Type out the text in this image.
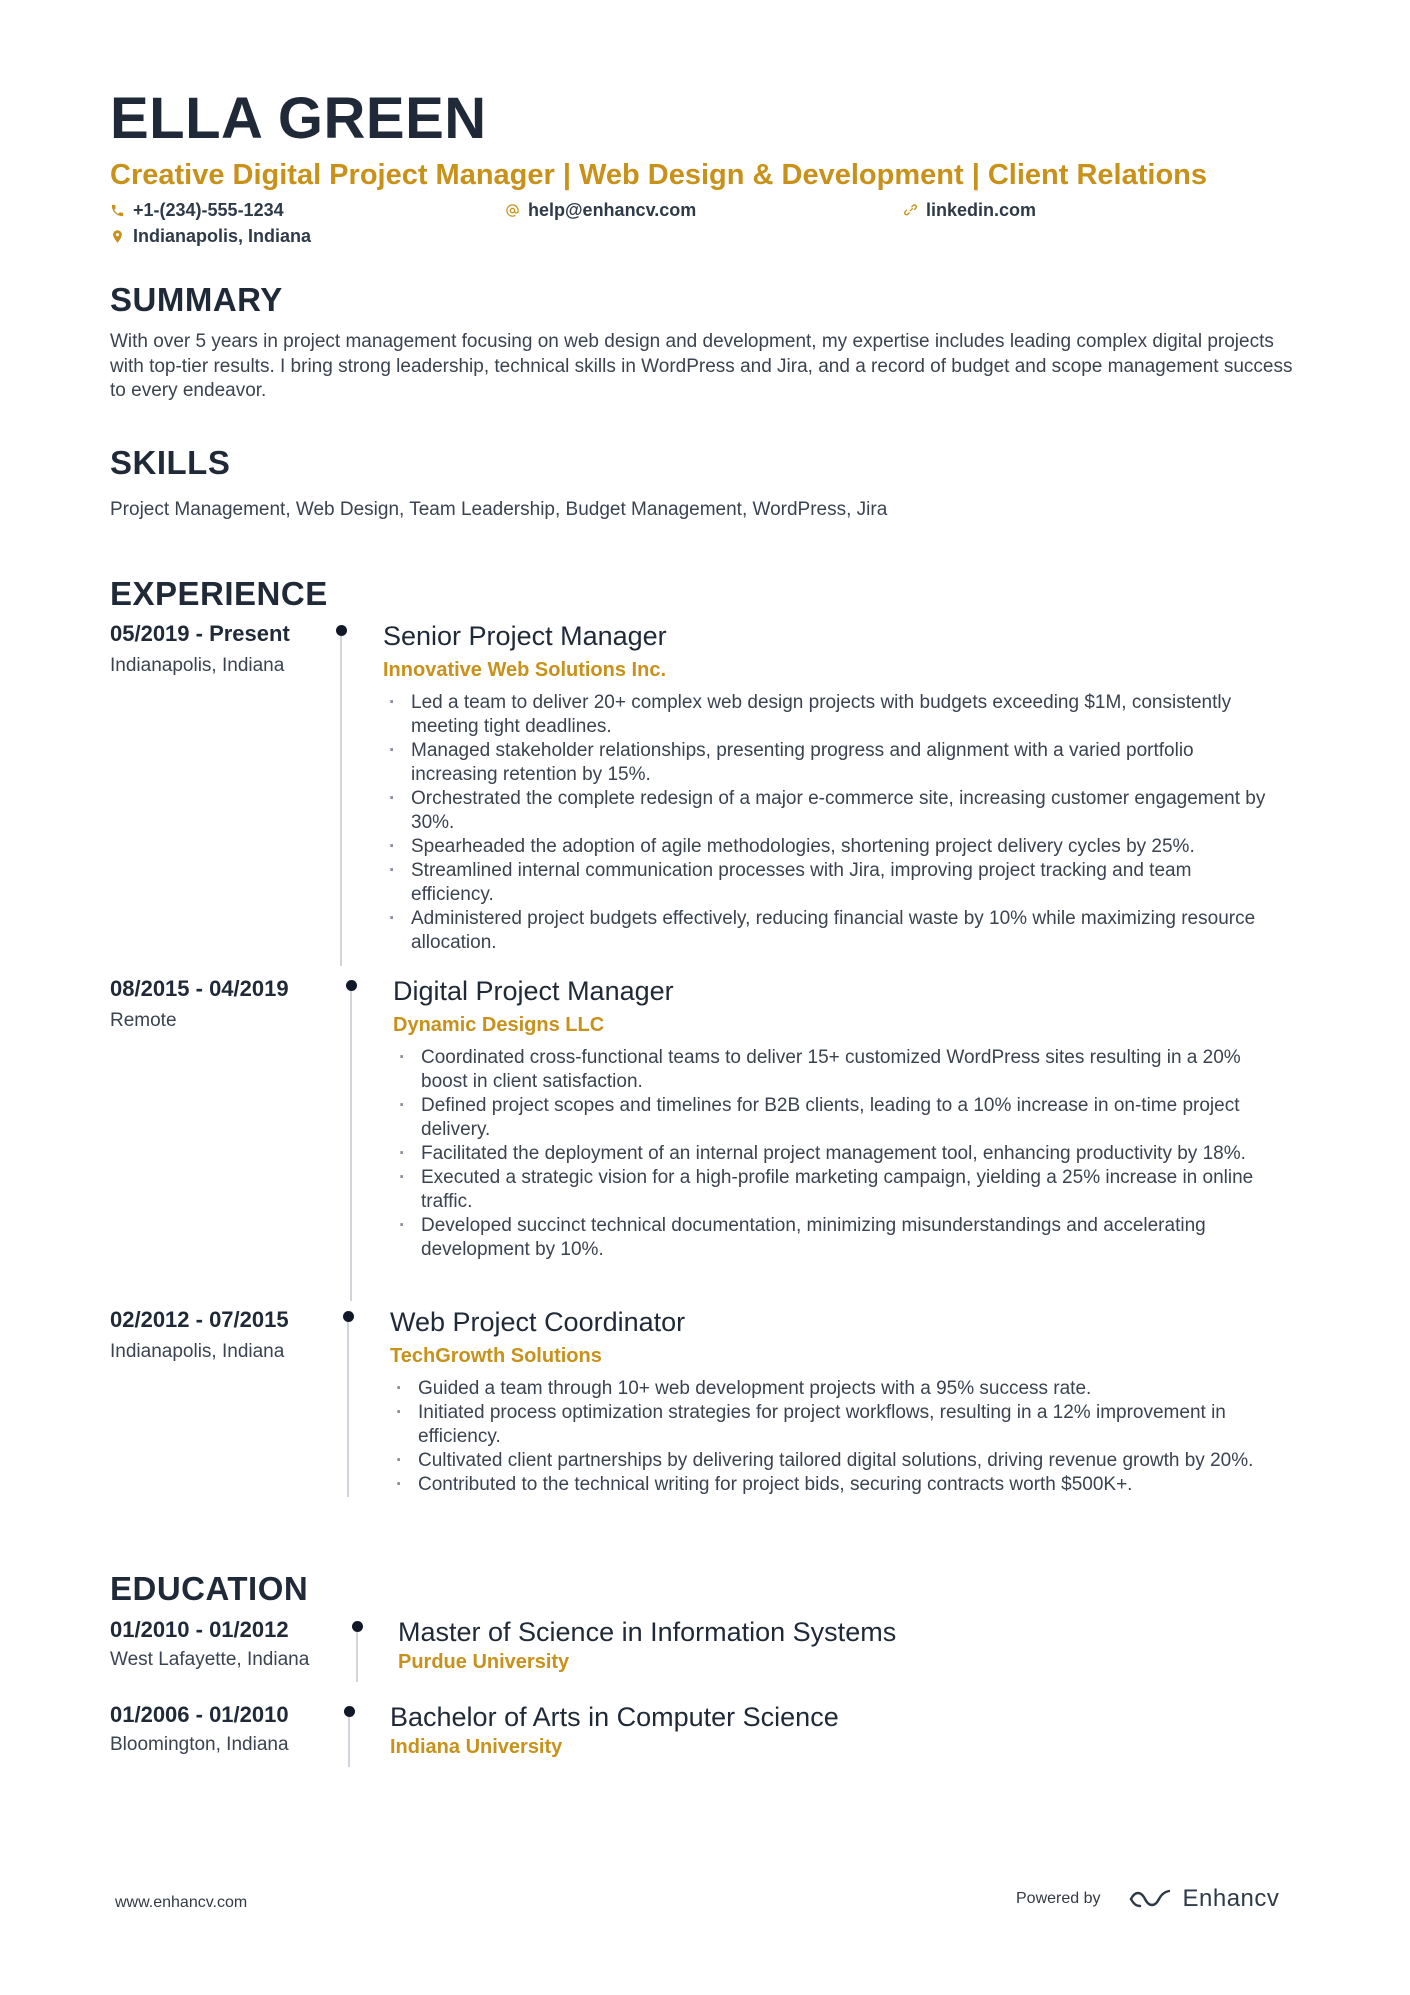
ELLA GREEN
Creative Digital Project Manager | Web Design & Development | Client Relations
+1-(234)-555-1234	help@enhancv.com	linkedin.com
Indianapolis, Indiana
SUMMARY

With over 5 years in project management focusing on web design and development, my expertise includes leading complex digital projects with top-tier results. I bring strong leadership, technical skills in WordPress and Jira, and a record of budget and scope management success to every endeavor.

SKILLS

Project Management, Web Design, Team Leadership, Budget Management, WordPress, Jira

EXPERIENCE
05/2019 - Present
Indianapolis, Indiana
Senior Project Manager
Innovative Web Solutions Inc.
· Led a team to deliver 20+ complex web design projects with budgets exceeding $1M, consistently meeting tight deadlines.
· Managed stakeholder relationships, presenting progress and alignment with a varied portfolio increasing retention by 15%.
· Orchestrated the complete redesign of a major e-commerce site, increasing customer engagement by 30%.
· Spearheaded the adoption of agile methodologies, shortening project delivery cycles by 25%.
· Streamlined internal communication processes with Jira, improving project tracking and team efficiency.
· Administered project budgets effectively, reducing financial waste by 10% while maximizing resource allocation.
08/2015 - 04/2019
Remote
Digital Project Manager
Dynamic Designs LLC
· Coordinated cross-functional teams to deliver 15+ customized WordPress sites resulting in a 20% boost in client satisfaction.
· Defined project scopes and timelines for B2B clients, leading to a 10% increase in on-time project delivery.
· Facilitated the deployment of an internal project management tool, enhancing productivity by 18%.
· Executed a strategic vision for a high-profile marketing campaign, yielding a 25% increase in online traffic.
· Developed succinct technical documentation, minimizing misunderstandings and accelerating development by 10%.
02/2012 - 07/2015
Indianapolis, Indiana
Web Project Coordinator
TechGrowth Solutions
· Guided a team through 10+ web development projects with a 95% success rate.
· Initiated process optimization strategies for project workflows, resulting in a 12% improvement in efficiency.
· Cultivated client partnerships by delivering tailored digital solutions, driving revenue growth by 20%.
· Contributed to the technical writing for project bids, securing contracts worth $500K+.
EDUCATION
01/2010 - 01/2012
West Lafayette, Indiana
Master of Science in Information Systems
Purdue University
01/2006 - 01/2010
Bloomington, Indiana
Bachelor of Arts in Computer Science
Indiana University
www.enhancv.com	Powered by	Enhancv
